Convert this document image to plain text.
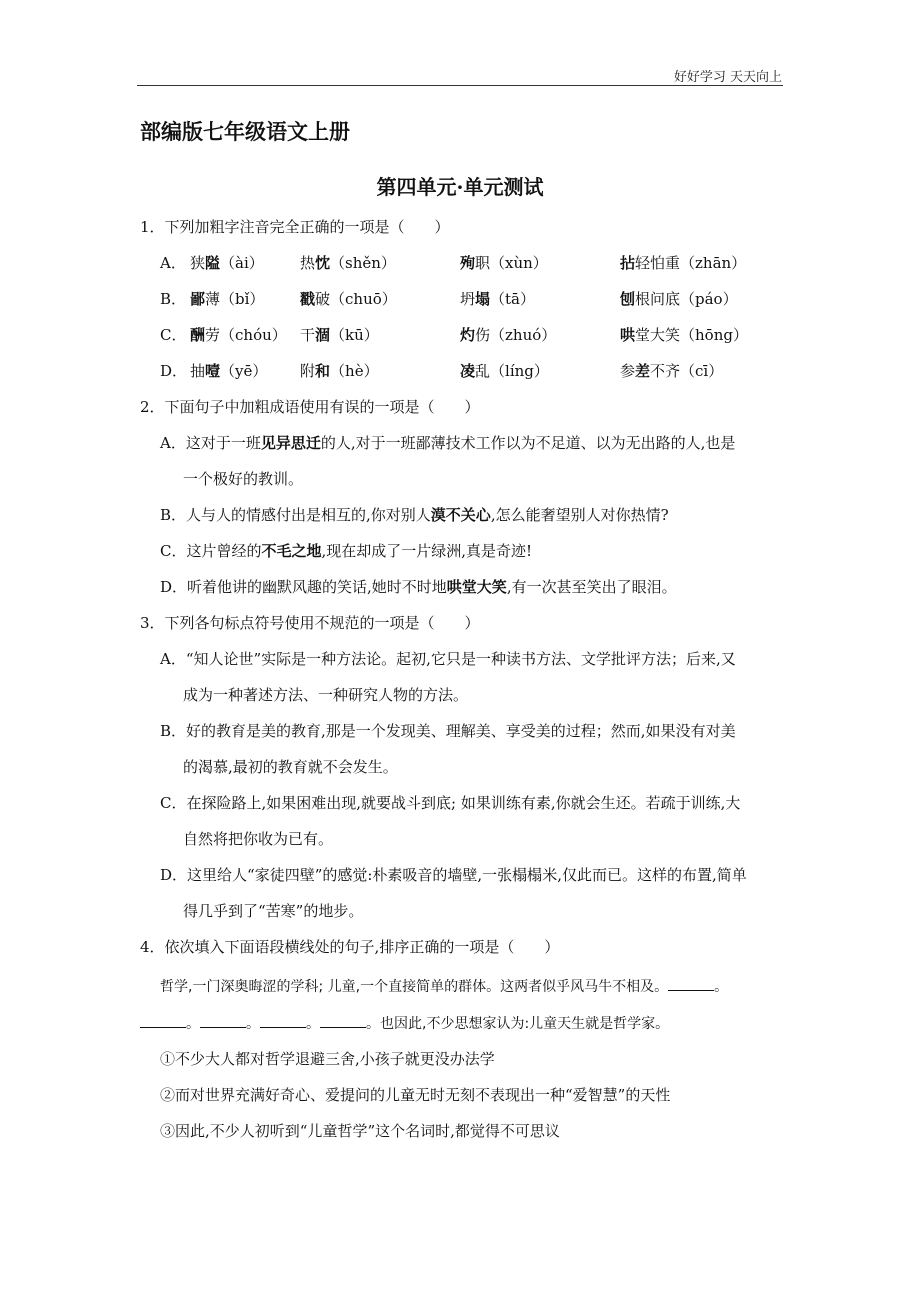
好好学习 天天向上
部编版七年级语文上册
第四单元·单元测试
1．下列加粗字注音完全正确的一项是（　　）
A． 狭隘（ài） 热忱（shěn）	殉职（xùn）	拈轻怕重（zhān）
B． 鄙薄（bǐ） 戳破（chuō）	坍塌（tā）	刨根问底（páo）
C． 酬劳（chóu） 干涸（kū）	灼伤（zhuó）	哄堂大笑（hōng）
D． 抽噎（yē） 附和（hè）	凌乱（líng）	参差不齐（cī）
2．下面句子中加粗成语使用有误的一项是（　　）
A．这对于一班见异思迁的人,对于一班鄙薄技术工作以为不足道、以为无出路的人,也是
一个极好的教训。
B．人与人的情感付出是相互的,你对别人漠不关心,怎么能奢望别人对你热情?
C．这片曾经的不毛之地,现在却成了一片绿洲,真是奇迹!
D．听着他讲的幽默风趣的笑话,她时不时地哄堂大笑,有一次甚至笑出了眼泪。
3．下列各句标点符号使用不规范的一项是（　　）
A．“知人论世”实际是一种方法论。起初,它只是一种读书方法、文学批评方法；后来,又
成为一种著述方法、一种研究人物的方法。
B．好的教育是美的教育,那是一个发现美、理解美、享受美的过程；然而,如果没有对美
的渴慕,最初的教育就不会发生。
C．在探险路上,如果困难出现,就要战斗到底; 如果训练有素,你就会生还。若疏于训练,大
自然将把你收为已有。
D．这里给人“家徒四壁”的感觉:朴素吸音的墙壁,一张榻榻米,仅此而已。这样的布置,简单
得几乎到了“苦寒”的地步。
4．依次填入下面语段横线处的句子,排序正确的一项是（　　）
哲学,一门深奥晦涩的学科; 儿童,一个直接简单的群体。这两者似乎风马牛不相及。	。
。	。	。	。也因此,不少思想家认为:儿童天生就是哲学家。
①不少大人都对哲学退避三舍,小孩子就更没办法学
②而对世界充满好奇心、爱提问的儿童无时无刻不表现出一种“爱智慧”的天性
③因此,不少人初听到“儿童哲学”这个名词时,都觉得不可思议
